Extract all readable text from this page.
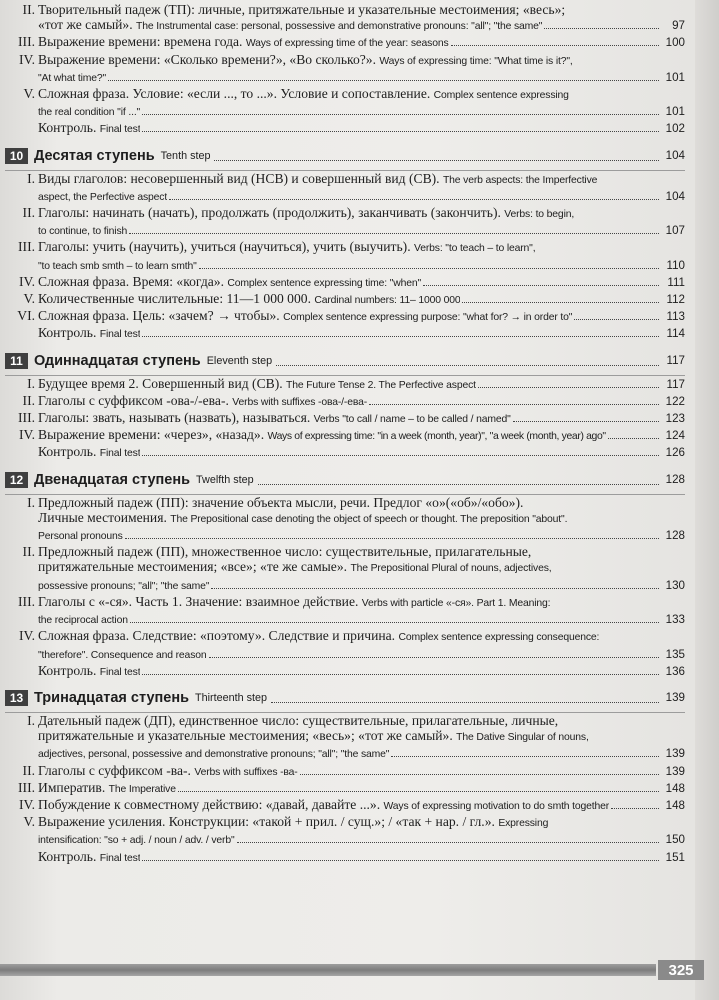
II. Творительный падеж (ТП): личные, притяжательные и указательные местоимения; «весь»;
«тот же самый». The Instrumental case: personal, possessive and demonstrative pronouns: "all"; "the same"	97
III. Выражение времени: времена года. Ways of expressing time of the year: seasons	100
IV. Выражение времени: «Сколько времени?», «Во сколько?». Ways of expressing time: "What time is it?",
"At what time?"	101
V. Сложная фраза. Условие: «если ..., то ...». Условие и сопоставление. Complex sentence expressing
the real condition "if ..."	101
Контроль. Final test	102
10 Десятая ступень Tenth step	104
I. Виды глаголов: несовершенный вид (НСВ) и совершенный вид (СВ). The verb aspects: the Imperfective
aspect, the Perfective aspect	104
II. Глаголы: начинать (начать), продолжать (продолжить), заканчивать (закончить). Verbs: to begin,
to continue, to finish	107
III. Глаголы: учить (научить), учиться (научиться), учить (выучить). Verbs: "to teach – to learn",
"to teach smb smth – to learn smth"	110
IV. Сложная фраза. Время: «когда». Complex sentence expressing time: "when"	111
V. Количественные числительные: 11—1 000 000. Cardinal numbers: 11– 1000 000	112
VI. Сложная фраза. Цель: «зачем? → чтобы». Complex sentence expressing purpose: "what for? → in order to"	113
Контроль. Final test	114
11 Одиннадцатая ступень Eleventh step	117
I. Будущее время 2. Совершенный вид (СВ). The Future Tense 2. The Perfective aspect	117
II. Глаголы с суффиксом -ова-/-ева-. Verbs with suffixes -ова-/-ева-	122
III. Глаголы: звать, называть (назвать), называться. Verbs "to call / name – to be called / named"	123
IV. Выражение времени: «через», «назад». Ways of expressing time: "in a week (month, year)", "a week (month, year) ago"	124
Контроль. Final test	126
12 Двенадцатая ступень Twelfth step	128
I. Предложный падеж (ПП): значение объекта мысли, речи. Предлог «о»(«об»/«обо»).
Личные местоимения. The Prepositional case denoting the object of speech or thought. The preposition "about".
Personal pronouns	128
II. Предложный падеж (ПП), множественное число: существительные, прилагательные,
притяжательные местоимения; «все»; «те же самые». The Prepositional Plural of nouns, adjectives,
possessive pronouns; "all"; "the same"	130
III. Глаголы с «-ся». Часть 1. Значение: взаимное действие. Verbs with particle «-ся». Part 1. Meaning:
the reciprocal action	133
IV. Сложная фраза. Следствие: «поэтому». Следствие и причина. Complex sentence expressing consequence:
"therefore". Consequence and reason	135
Контроль. Final test	136
13 Тринадцатая ступень Thirteenth step	139
I. Дательный падеж (ДП), единственное число: существительные, прилагательные, личные,
притяжательные и указательные местоимения; «весь»; «тот же самый». The Dative Singular of nouns,
adjectives, personal, possessive and demonstrative pronouns; "all"; "the same"	139
II. Глаголы с суффиксом -ва-. Verbs with suffixes -ва-	139
III. Императив. The Imperative	148
IV. Побуждение к совместному действию: «давай, давайте ...». Ways of expressing motivation to do smth together	148
V. Выражение усиления. Конструкции: «такой + прил. / сущ.»; / «так + нар. / гл.». Expressing
intensification: "so + adj. / noun / adv. / verb"	150
Контроль. Final test	151
325
